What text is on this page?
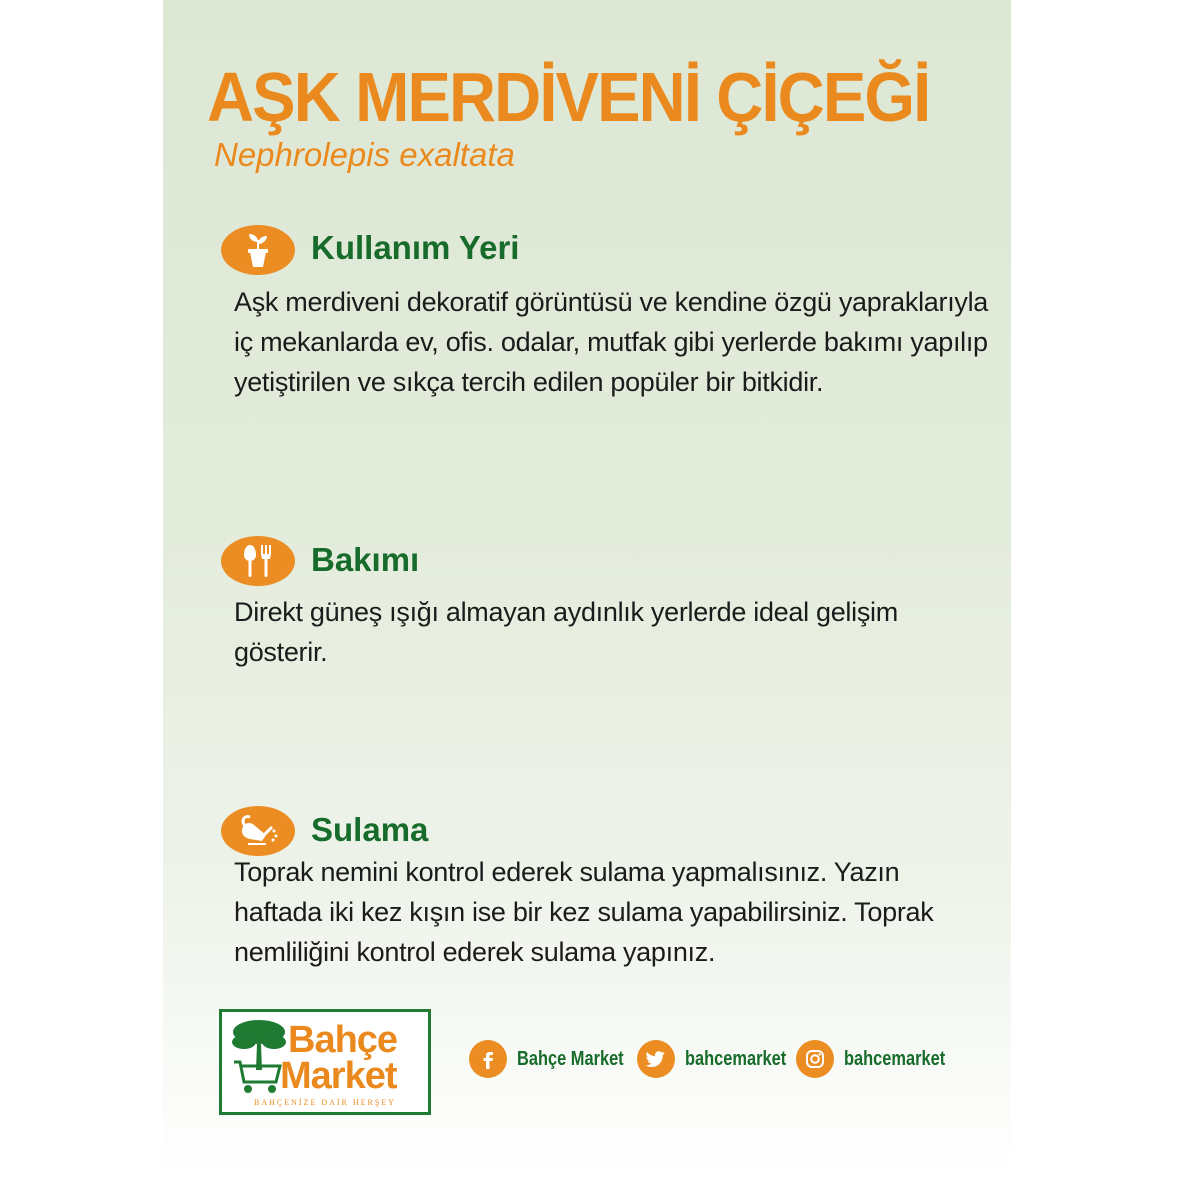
AŞK MERDİVENİ ÇİÇEĞİ

Nephrolepis exaltata

Kullanım Yeri

Aşk merdiveni dekoratif görüntüsü ve kendine özgü yapraklarıyla iç mekanlarda ev, ofis. odalar, mutfak gibi yerlerde bakımı yapılıp yetiştirilen ve sıkça tercih edilen popüler bir bitkidir.

Bakımı

Direkt güneş ışığı almayan aydınlık yerlerde ideal gelişim gösterir.

Sulama

Toprak nemini kontrol ederek sulama yapmalısınız. Yazın haftada iki kez kışın ise bir kez sulama yapabilirsiniz. Toprak nemliliğini kontrol ederek sulama yapınız.

Bahçe
Market
BAHÇENİZE DAİR HERŞEY
Bahçe Market	bahcemarket	bahcemarket
